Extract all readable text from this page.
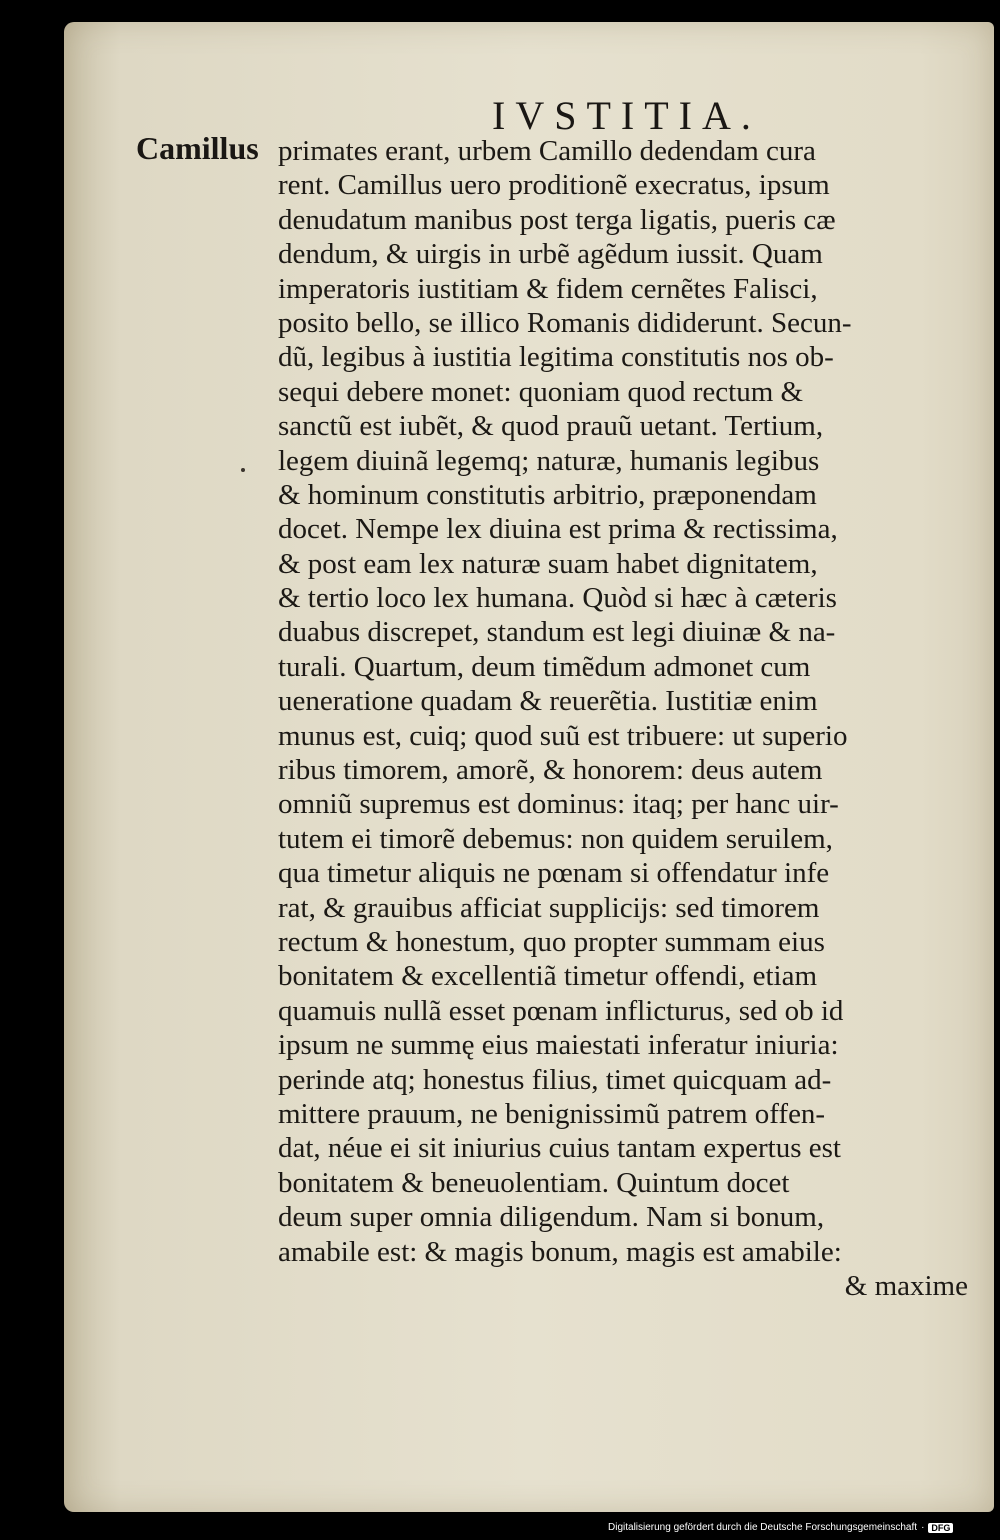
IVSTITIA.
Camillus primates erant, urbem Camillo dedendam cura
rent. Camillus uero proditionẽ execratus, ipsum
denudatum manibus post terga ligatis, pueris cæ
dendum, & uirgis in urbẽ agẽdum iussit. Quam
imperatoris iustitiam & fidem cernẽtes Falisci,
posito bello, se illico Romanis dididerunt. Secun-
dũ, legibus à iustitia legitima constitutis nos ob-
sequi debere monet: quoniam quod rectum &
sanctũ est iubẽt, & quod prauũ uetant. Tertium,
legem diuinã legemq; naturæ, humanis legibus
& hominum constitutis arbitrio, præponendam
docet. Nempe lex diuina est prima & rectissima,
& post eam lex naturæ suam habet dignitatem,
& tertio loco lex humana. Quòd si hæc à cæteris
duabus discrepet, standum est legi diuinæ & na-
turali. Quartum, deum timẽdum admonet cum
ueneratione quadam & reuerẽtia. Iustitiæ enim
munus est, cuiq; quod suũ est tribuere: ut superio
ribus timorem, amorẽ, & honorem: deus autem
omniũ supremus est dominus: itaq; per hanc uir-
tutem ei timorẽ debemus: non quidem seruilem,
qua timetur aliquis ne pœnam si offendatur infe
rat, & grauibus afficiat supplicijs: sed timorem
rectum & honestum, quo propter summam eius
bonitatem & excellentiã timetur offendi, etiam
quamuis nullã esset pœnam inflicturus, sed ob id
ipsum ne summę eius maiestati inferatur iniuria:
perinde atq; honestus filius, timet quicquam ad-
mittere prauum, ne benignissimũ patrem offen-
dat, néue ei sit iniurius cuius tantam expertus est
bonitatem & beneuolentiam. Quintum docet
deum super omnia diligendum. Nam si bonum,
amabile est: & magis bonum, magis est amabile:
& maxime
Digitalisierung gefördert durch die Deutsche Forschungsgemeinschaft · DFG
